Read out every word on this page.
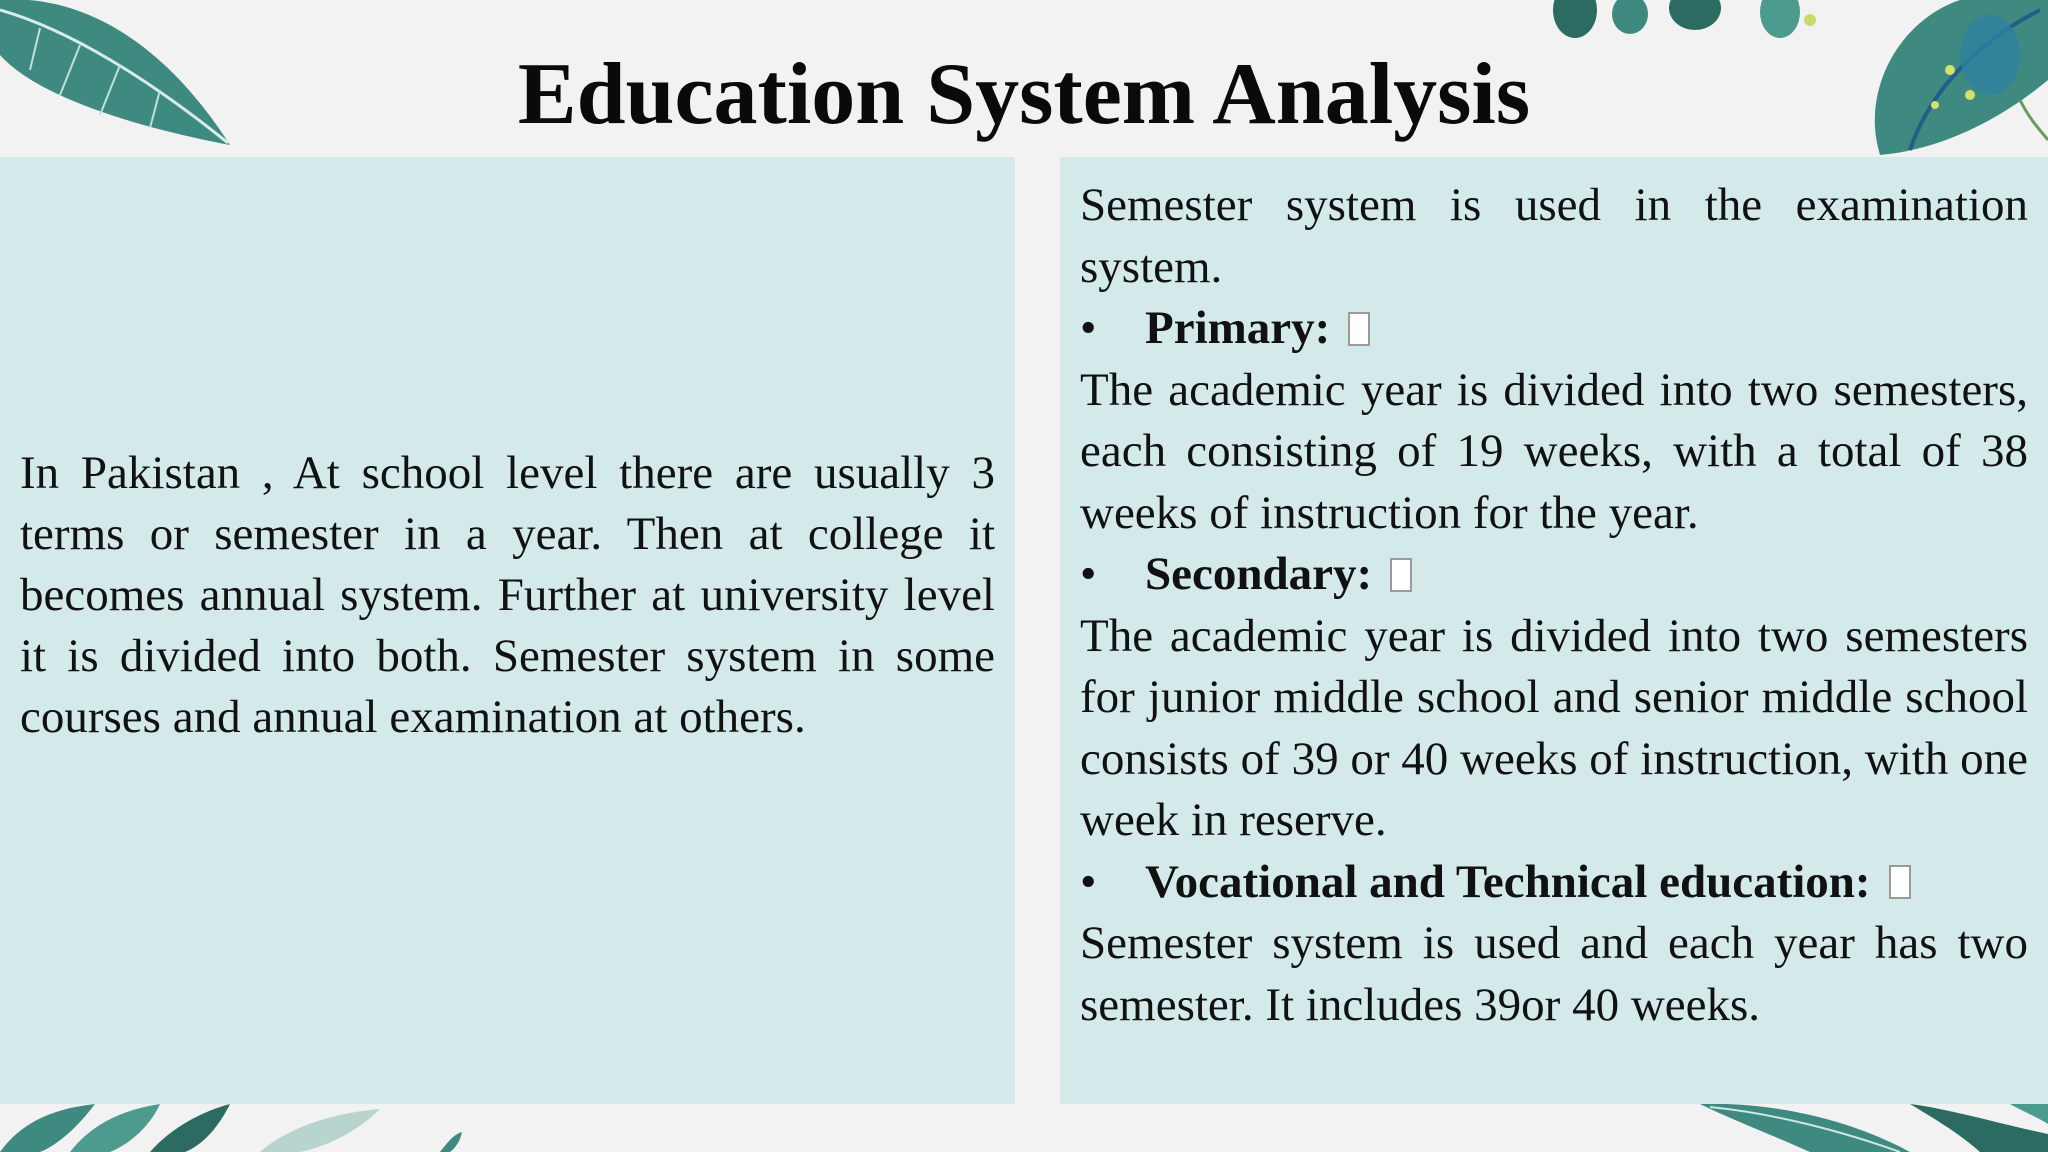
Education System Analysis

In Pakistan , At school level there are usually 3 terms or semester in a year. Then at college it becomes annual system. Further at university level it is divided into both. Semester system in some courses and annual examination at others.

Semester system is used in the examination system.

•	Primary:

The academic year is divided into two semesters, each consisting of 19 weeks, with a total of 38 weeks of instruction for the year.

•	Secondary:

The academic year is divided into two semesters for junior middle school and senior middle school consists of 39 or 40 weeks of instruction, with one week in reserve.

•	Vocational and Technical education:

Semester system is used and each year has two semester. It includes 39or 40 weeks.
